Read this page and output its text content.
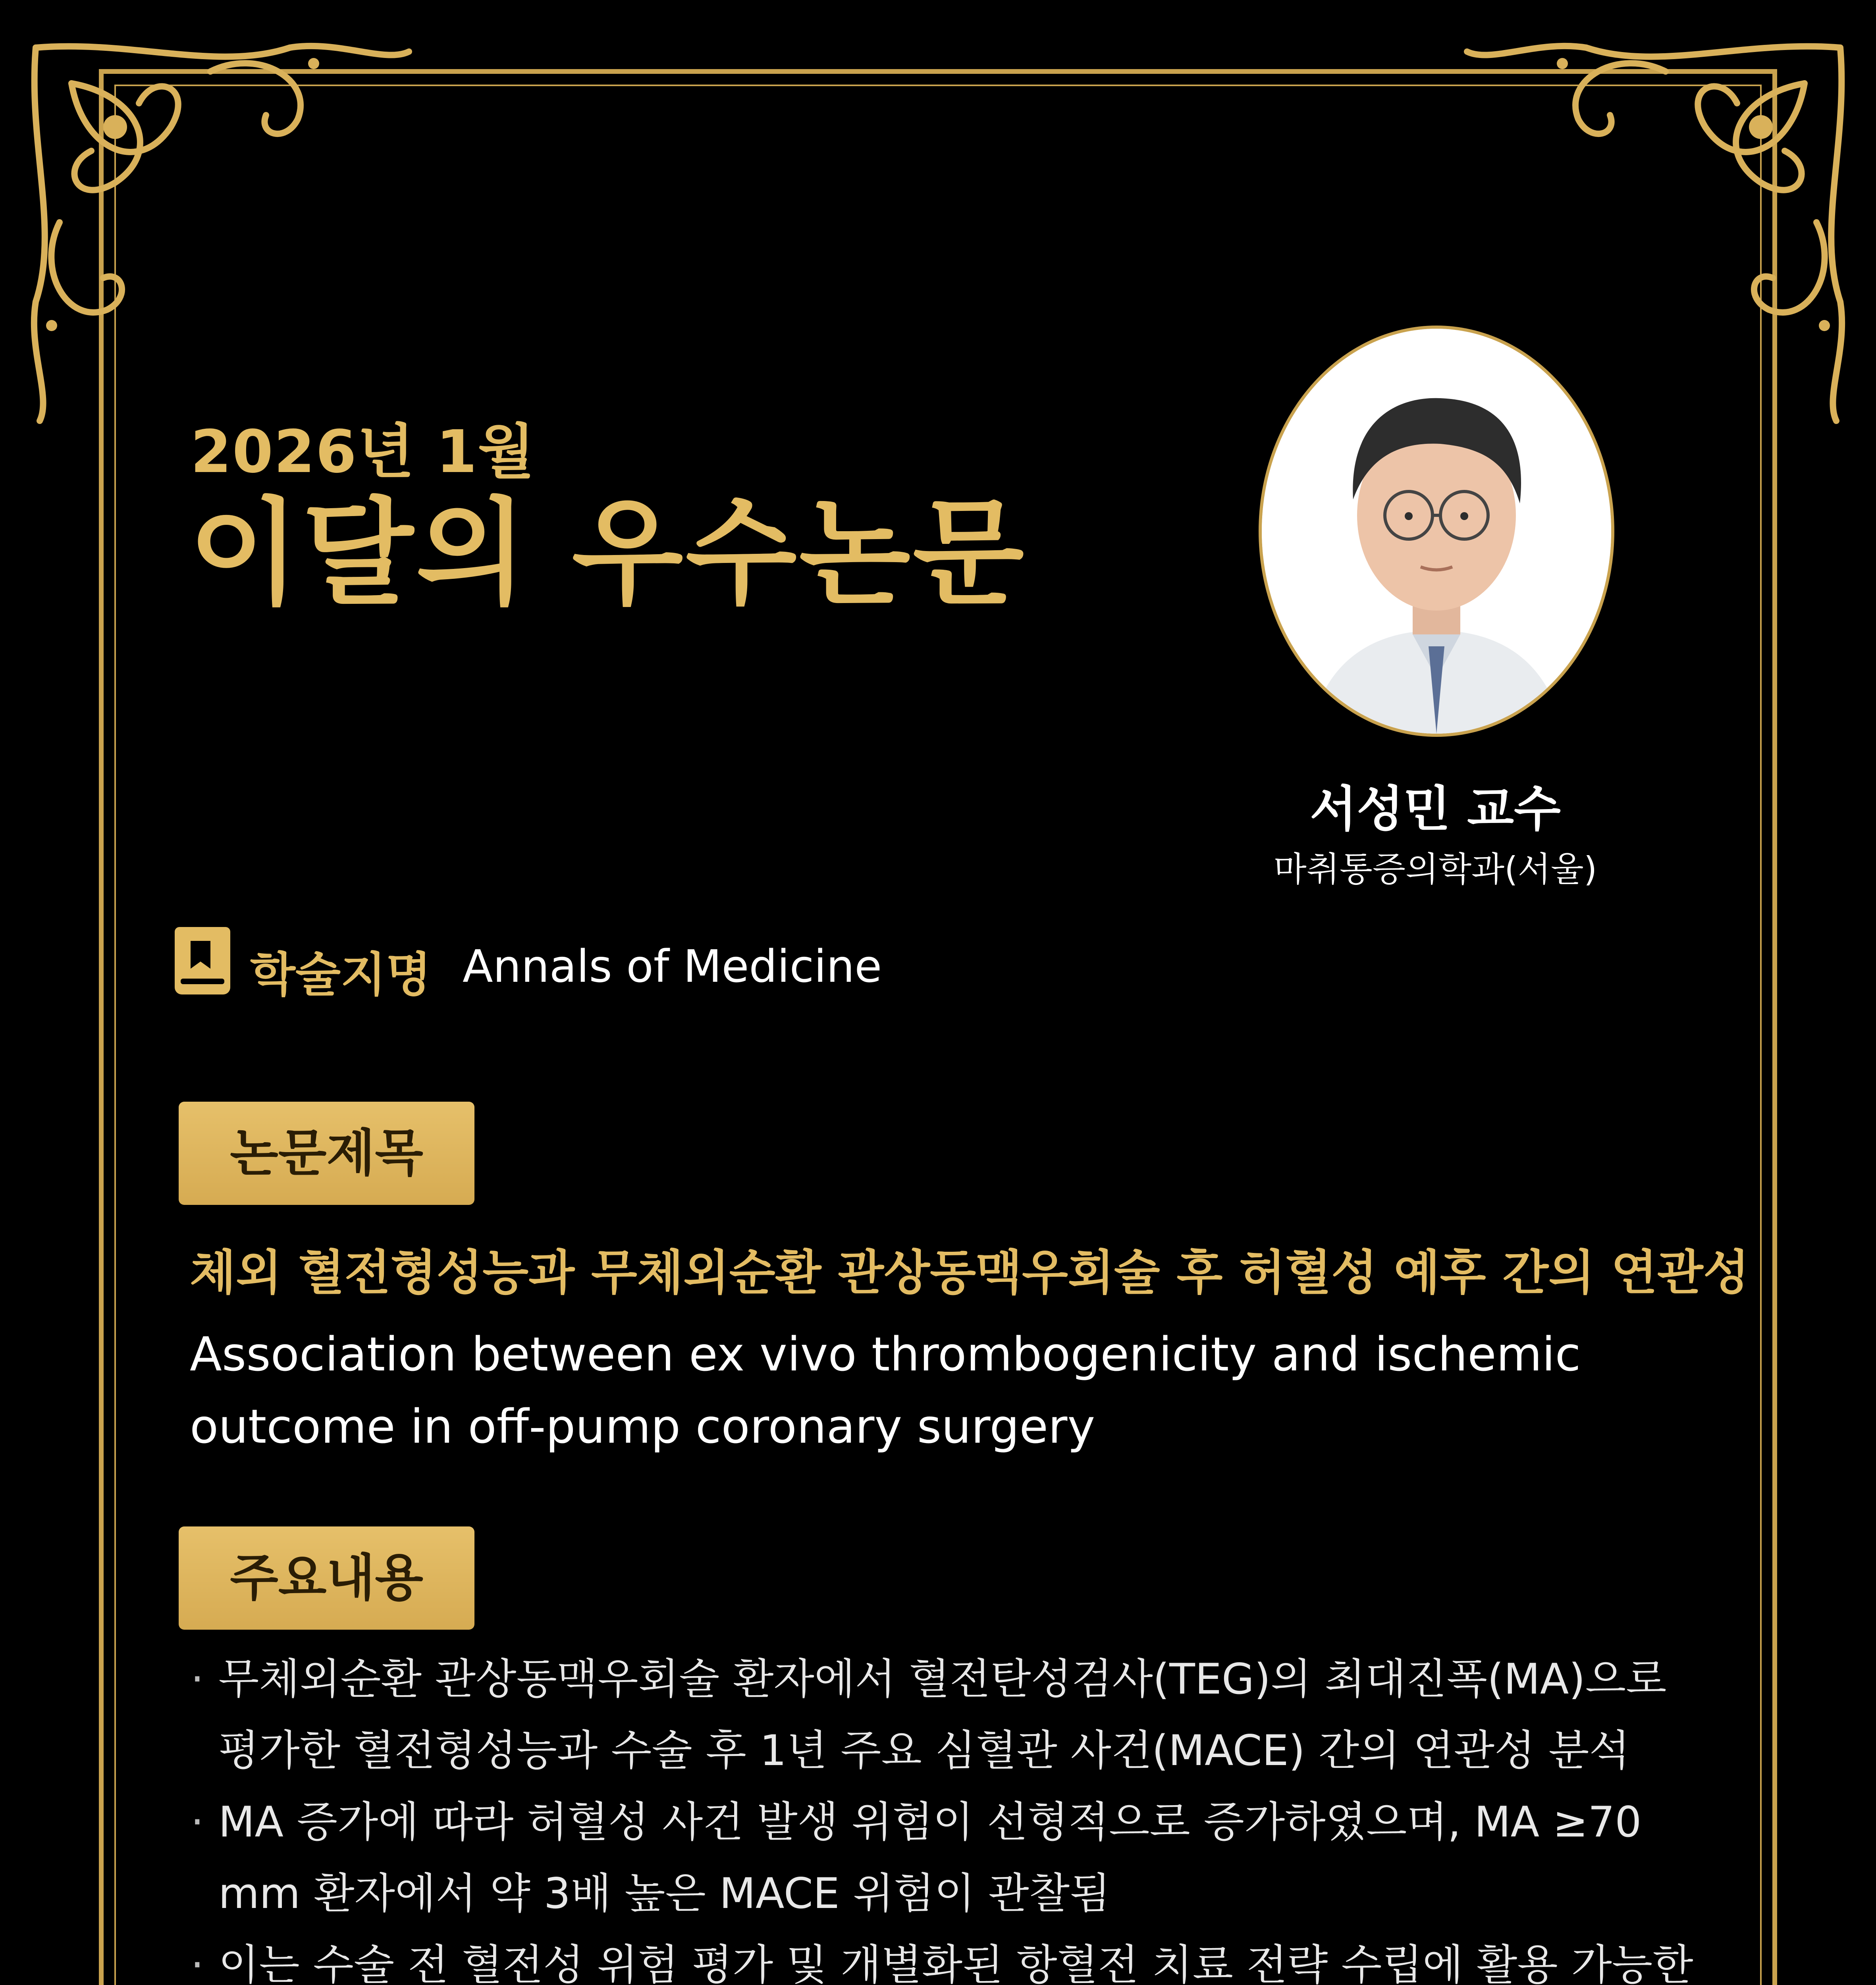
2026년 1월
이달의 우수논문
서성민 교수
마취통증의학과(서울)
학술지명 Annals of Medicine
논문제목
체외 혈전형성능과 무체외순환 관상동맥우회술 후 허혈성 예후 간의 연관성
Association between ex vivo thrombogenicity and ischemic outcome in off-pump coronary surgery
주요내용
· 무체외순환 관상동맥우회술 환자에서 혈전탄성검사(TEG)의 최대진폭(MA)으로 평가한 혈전형성능과 수술 후 1년 주요 심혈관 사건(MACE) 간의 연관성 분석
· MA 증가에 따라 허혈성 사건 발생 위험이 선형적으로 증가하였으며, MA ≥70 mm 환자에서 약 3배 높은 MACE 위험이 관찰됨
· 이는 수술 전 혈전성 위험 평가 및 개별화된 항혈전 치료 전략 수립에 활용 가능한
